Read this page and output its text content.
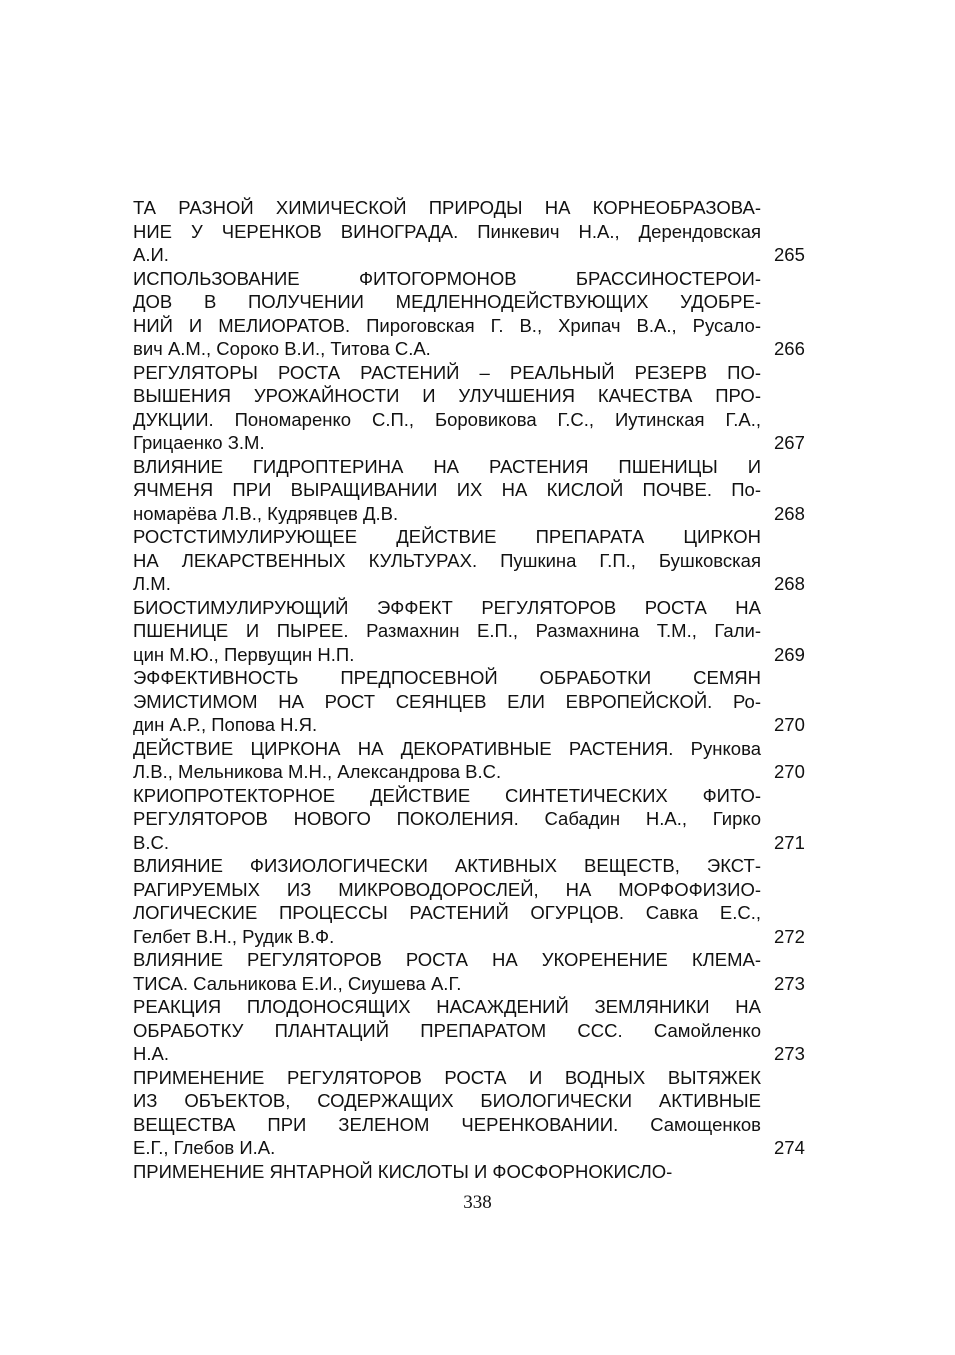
ТА РАЗНОЙ ХИМИЧЕСКОЙ ПРИРОДЫ НА КОРНЕОБРАЗОВА-
НИЕ У ЧЕРЕНКОВ ВИНОГРАДА. Пинкевич Н.А., Дерендовская
А.И.	265
ИСПОЛЬЗОВАНИЕ ФИТОГОРМОНОВ БРАССИНОСТЕРОИ-
ДОВ В ПОЛУЧЕНИИ МЕДЛЕННОДЕЙСТВУЮЩИХ УДОБРЕ-
НИЙ И МЕЛИОРАТОВ. Пироговская Г. В., Хрипач В.А., Русало-
вич А.М., Сороко В.И., Титова С.А.	266
РЕГУЛЯТОРЫ РОСТА РАСТЕНИЙ – РЕАЛЬНЫЙ РЕЗЕРВ ПО-
ВЫШЕНИЯ УРОЖАЙНОСТИ И УЛУЧШЕНИЯ КАЧЕСТВА ПРО-
ДУКЦИИ. Пономаренко С.П., Боровикова Г.С., Иутинская Г.А.,
Грицаенко З.М.	267
ВЛИЯНИЕ ГИДРОПТЕРИНА НА РАСТЕНИЯ ПШЕНИЦЫ И
ЯЧМЕНЯ ПРИ ВЫРАЩИВАНИИ ИХ НА КИСЛОЙ ПОЧВЕ. По-
номарёва Л.В., Кудрявцев Д.В.	268
РОСТСТИМУЛИРУЮЩЕЕ ДЕЙСТВИЕ ПРЕПАРАТА ЦИРКОН
НА ЛЕКАРСТВЕННЫХ КУЛЬТУРАХ. Пушкина Г.П., Бушковская
Л.М.	268
БИОСТИМУЛИРУЮЩИЙ ЭФФЕКТ РЕГУЛЯТОРОВ РОСТА НА
ПШЕНИЦЕ И ПЫРЕЕ. Размахнин Е.П., Размахнина Т.М., Гали-
цин М.Ю., Первущин Н.П.	269
ЭФФЕКТИВНОСТЬ ПРЕДПОСЕВНОЙ ОБРАБОТКИ СЕМЯН
ЭМИСТИМОМ НА РОСТ СЕЯНЦЕВ ЕЛИ ЕВРОПЕЙСКОЙ. Ро-
дин А.Р., Попова Н.Я.	270
ДЕЙСТВИЕ ЦИРКОНА НА ДЕКОРАТИВНЫЕ РАСТЕНИЯ. Рункова
Л.В., Мельникова М.Н., Александрова В.С.	270
КРИОПРОТЕКТОРНОЕ ДЕЙСТВИЕ СИНТЕТИЧЕСКИХ ФИТО-
РЕГУЛЯТОРОВ НОВОГО ПОКОЛЕНИЯ. Сабадин Н.А., Гирко
В.С.	271
ВЛИЯНИЕ ФИЗИОЛОГИЧЕСКИ АКТИВНЫХ ВЕЩЕСТВ, ЭКСТ-
РАГИРУЕМЫХ ИЗ МИКРОВОДОРОСЛЕЙ, НА МОРФОФИЗИО-
ЛОГИЧЕСКИЕ ПРОЦЕССЫ РАСТЕНИЙ ОГУРЦОВ. Савка Е.С.,
Гелбет В.Н., Рудик В.Ф.	272
ВЛИЯНИЕ РЕГУЛЯТОРОВ РОСТА НА УКОРЕНЕНИЕ КЛЕМА-
ТИСА. Сальникова Е.И., Сиушева А.Г.	273
РЕАКЦИЯ ПЛОДОНОСЯЩИХ НАСАЖДЕНИЙ ЗЕМЛЯНИКИ НА
ОБРАБОТКУ ПЛАНТАЦИЙ ПРЕПАРАТОМ ССС. Самойленко
Н.А.	273
ПРИМЕНЕНИЕ РЕГУЛЯТОРОВ РОСТА И ВОДНЫХ ВЫТЯЖЕК
ИЗ ОБЪЕКТОВ, СОДЕРЖАЩИХ БИОЛОГИЧЕСКИ АКТИВНЫЕ
ВЕЩЕСТВА ПРИ ЗЕЛЕНОМ ЧЕРЕНКОВАНИИ. Самощенков
Е.Г., Глебов И.А.	274
ПРИМЕНЕНИЕ ЯНТАРНОЙ КИСЛОТЫ И ФОСФОРНОКИСЛО-
338
